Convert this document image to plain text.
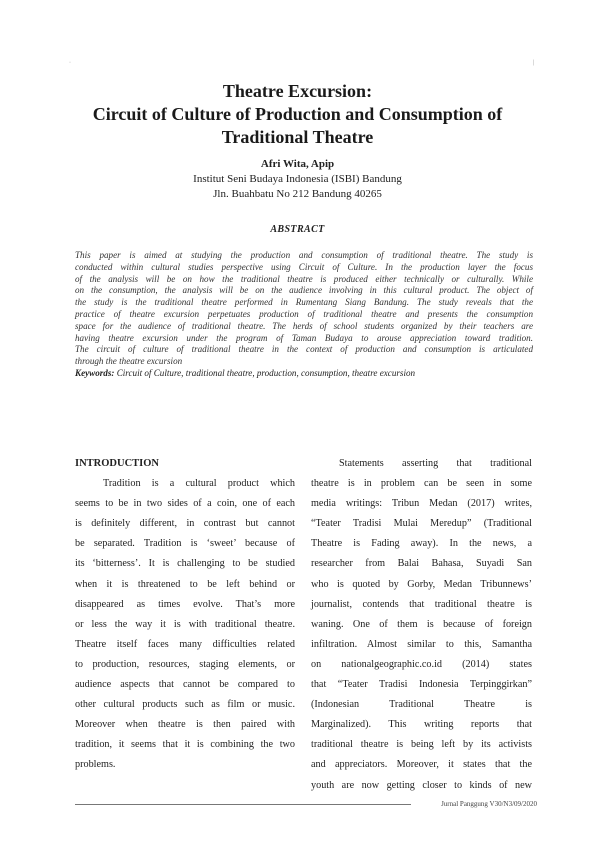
·	|
Theatre Excursion:
Circuit of Culture of Production and Consumption of
Traditional Theatre
Afri Wita, Apip
Institut Seni Budaya Indonesia (ISBI) Bandung
Jln. Buahbatu No 212 Bandung 40265
ABSTRACT
This paper is aimed at studying the production and consumption of traditional theatre. The study is
conducted within cultural studies perspective using Circuit of Culture. In the production layer the focus
of the analysis will be on how the traditional theatre is produced either technically or culturally. While
on the consumption, the analysis will be on the audience involving in this cultural product. The object of
the study is the traditional theatre performed in Rumentang Siang Bandung. The study reveals that the
practice of theatre excursion perpetuates production of traditional theatre and presents the consumption
space for the audience of traditional theatre. The herds of school students organized by their teachers are
having theatre excursion under the program of Taman Budaya to arouse appreciation toward tradition.
The circuit of culture of traditional theatre in the context of production and consumption is articulated
through the theatre excursion
Keywords: Circuit of Culture, traditional theatre, production, consumption, theatre excursion
INTRODUCTION
Tradition is a cultural product which
seems to be in two sides of a coin, one of each
is definitely different, in contrast but cannot
be separated. Tradition is ‘sweet’ because of
its ‘bitterness’. It is challenging to be studied
when it is threatened to be left behind or
disappeared as times evolve. That’s more
or less the way it is with traditional theatre.
Theatre itself faces many difficulties related
to production, resources, staging elements, or
audience aspects that cannot be compared to
other cultural products such as film or music.
Moreover when theatre is then paired with
tradition, it seems that it is combining the two
problems.
Statements asserting that traditional
theatre is in problem can be seen in some
media writings: Tribun Medan (2017) writes,
“Teater Tradisi Mulai Meredup” (Traditional
Theatre is Fading away). In the news, a
researcher from Balai Bahasa, Suyadi San
who is quoted by Gorby, Medan Tribunnews’
journalist, contends that traditional theatre is
waning. One of them is because of foreign
infiltration. Almost similar to this, Samantha
on nationalgeographic.co.id (2014) states
that “Teater Tradisi Indonesia Terpinggirkan”
(Indonesian Traditional Theatre is
Marginalized). This writing reports that
traditional theatre is being left by its activists
and appreciators. Moreover, it states that the
youth are now getting closer to kinds of new
Jurnal Panggung V30/N3/09/2020
